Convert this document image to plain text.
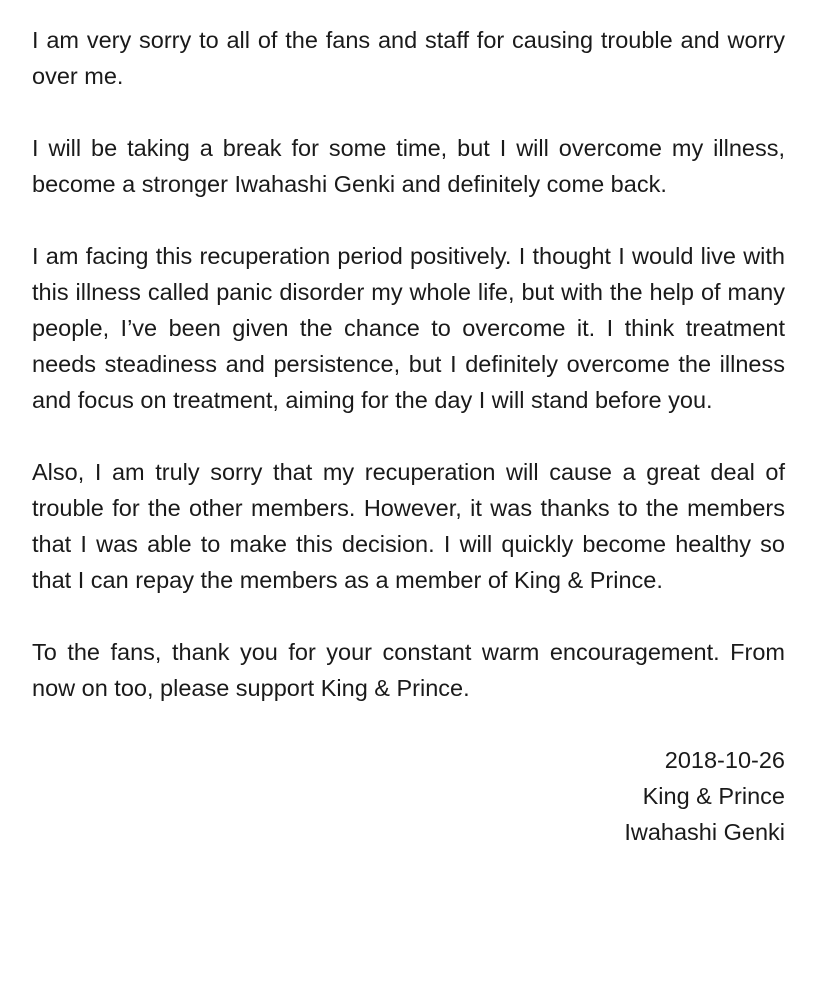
I am very sorry to all of the fans and staff for causing trouble and worry over me.

I will be taking a break for some time, but I will overcome my illness, become a stronger Iwahashi Genki and definitely come back.

I am facing this recuperation period positively. I thought I would live with this illness called panic disorder my whole life, but with the help of many people, I’ve been given the chance to overcome it. I think treatment needs steadiness and persistence, but I definitely overcome the illness and focus on treatment, aiming for the day I will stand before you.

Also, I am truly sorry that my recuperation will cause a great deal of trouble for the other members. However, it was thanks to the members that I was able to make this decision. I will quickly become healthy so that I can repay the members as a member of King & Prince.

To the fans, thank you for your constant warm encouragement. From now on too, please support King & Prince.

2018-10-26
King & Prince
Iwahashi Genki
